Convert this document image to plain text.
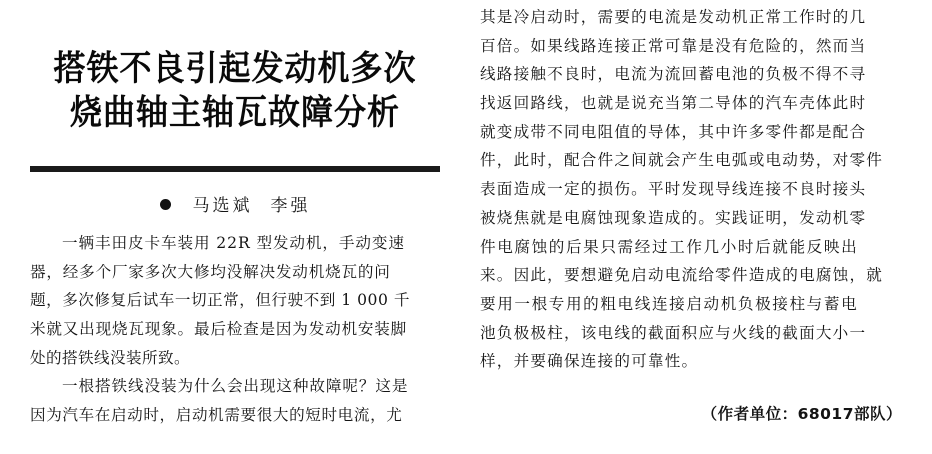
搭铁不良引起发动机多次
烧曲轴主轴瓦故障分析
马选斌 李强
一辆丰田皮卡车装用 22R 型发动机，手动变速
器，经多个厂家多次大修均没解决发动机烧瓦的问
题，多次修复后试车一切正常，但行驶不到 1 000 千
米就又出现烧瓦现象。最后检查是因为发动机安装脚
处的搭铁线没装所致。
一根搭铁线没装为什么会出现这种故障呢？这是
因为汽车在启动时，启动机需要很大的短时电流，尤
其是冷启动时，需要的电流是发动机正常工作时的几
百倍。如果线路连接正常可靠是没有危险的，然而当
线路接触不良时，电流为流回蓄电池的负极不得不寻
找返回路线，也就是说充当第二导体的汽车壳体此时
就变成带不同电阻值的导体，其中许多零件都是配合
件，此时，配合件之间就会产生电弧或电动势，对零件
表面造成一定的损伤。平时发现导线连接不良时接头
被烧焦就是电腐蚀现象造成的。实践证明，发动机零
件电腐蚀的后果只需经过工作几小时后就能反映出
来。因此，要想避免启动电流给零件造成的电腐蚀，就
要用一根专用的粗电线连接启动机负极接柱与蓄电
池负极极柱，该电线的截面积应与火线的截面大小一
样，并要确保连接的可靠性。
（作者单位：68017部队）
